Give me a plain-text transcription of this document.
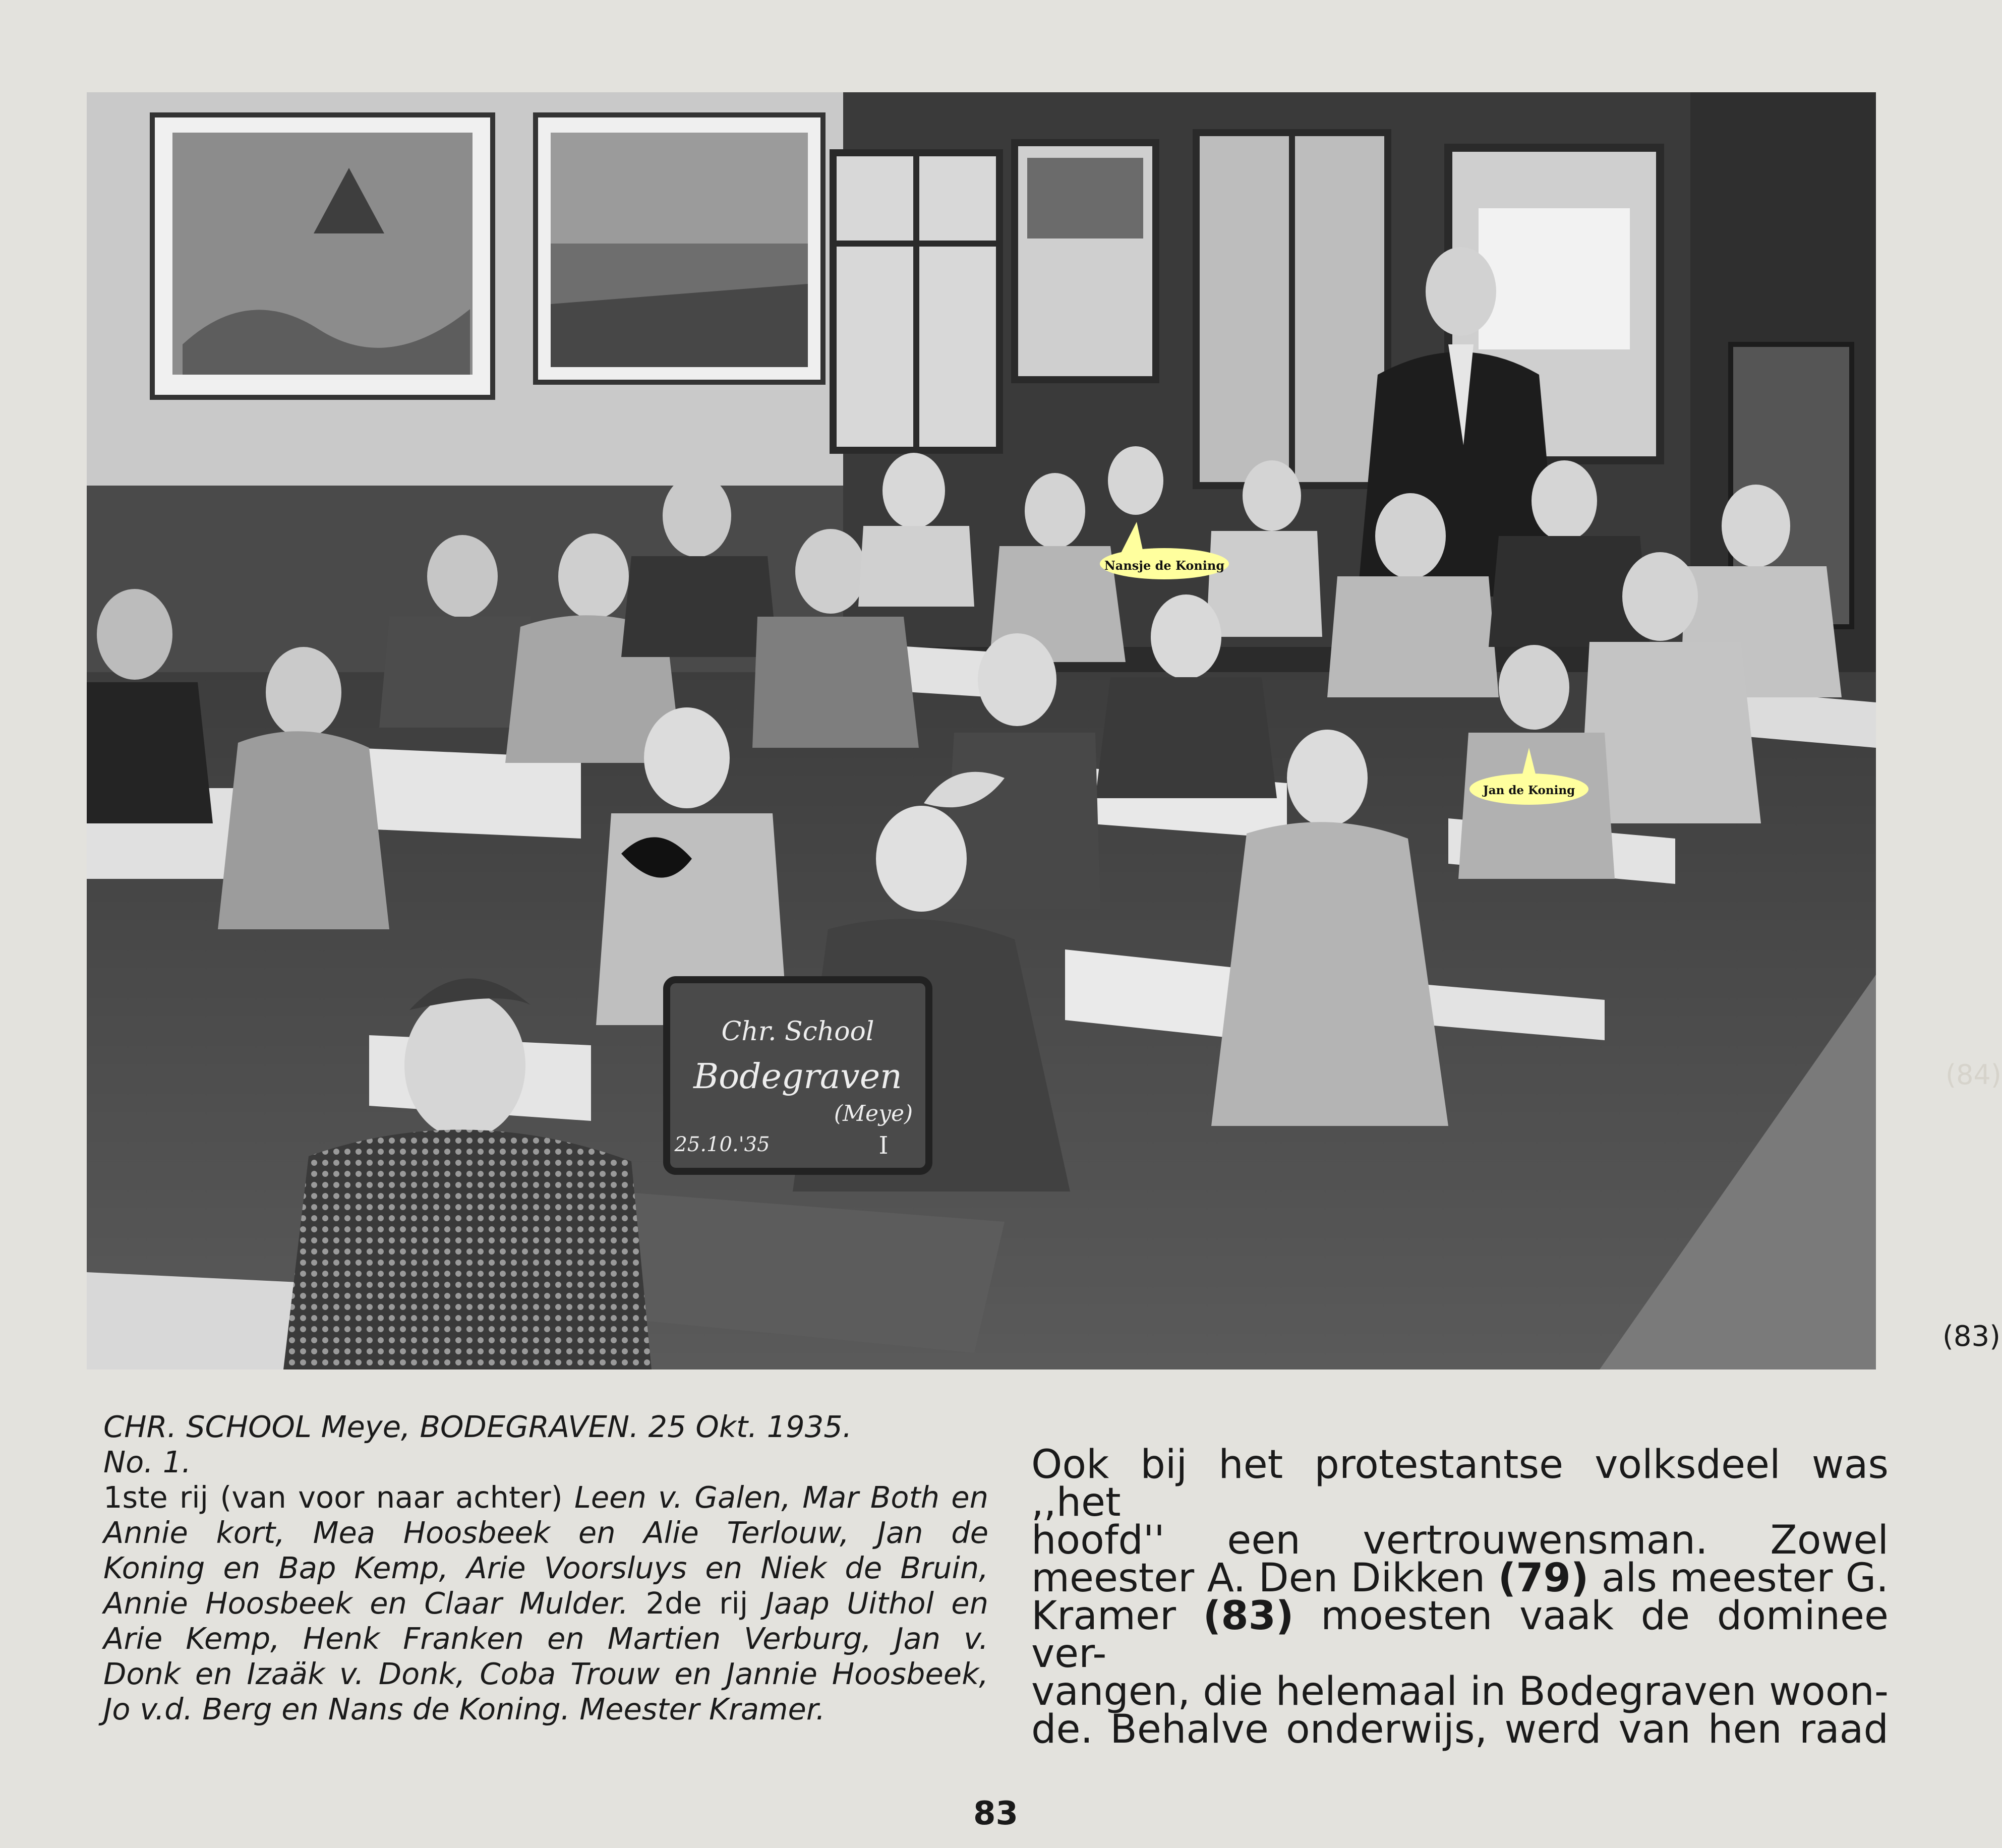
Chr. School
Bodegraven
(Meye)
25.10.'35	I
Nansje de Koning
Jan de Koning
CHR. SCHOOL Meye, BODEGRAVEN. 25 Okt. 1935.
No. 1.
1ste rij (van voor naar achter) Leen v. Galen, Mar Both en
Annie kort, Mea Hoosbeek en Alie Terlouw, Jan de
Koning en Bap Kemp, Arie Voorsluys en Niek de Bruin,
Annie Hoosbeek en Claar Mulder. 2de rij Jaap Uithol en
Arie Kemp, Henk Franken en Martien Verburg, Jan v.
Donk en Izaäk v. Donk, Coba Trouw en Jannie Hoosbeek,
Jo v.d. Berg en Nans de Koning. Meester Kramer.
Ook bij het protestantse volksdeel was ,,het
hoofd'' een vertrouwensman. Zowel
meester A. Den Dikken (79) als meester G.
Kramer (83) moesten vaak de dominee ver-
vangen, die helemaal in Bodegraven woon-
de. Behalve onderwijs, werd van hen raad
(83)
(84)
83
